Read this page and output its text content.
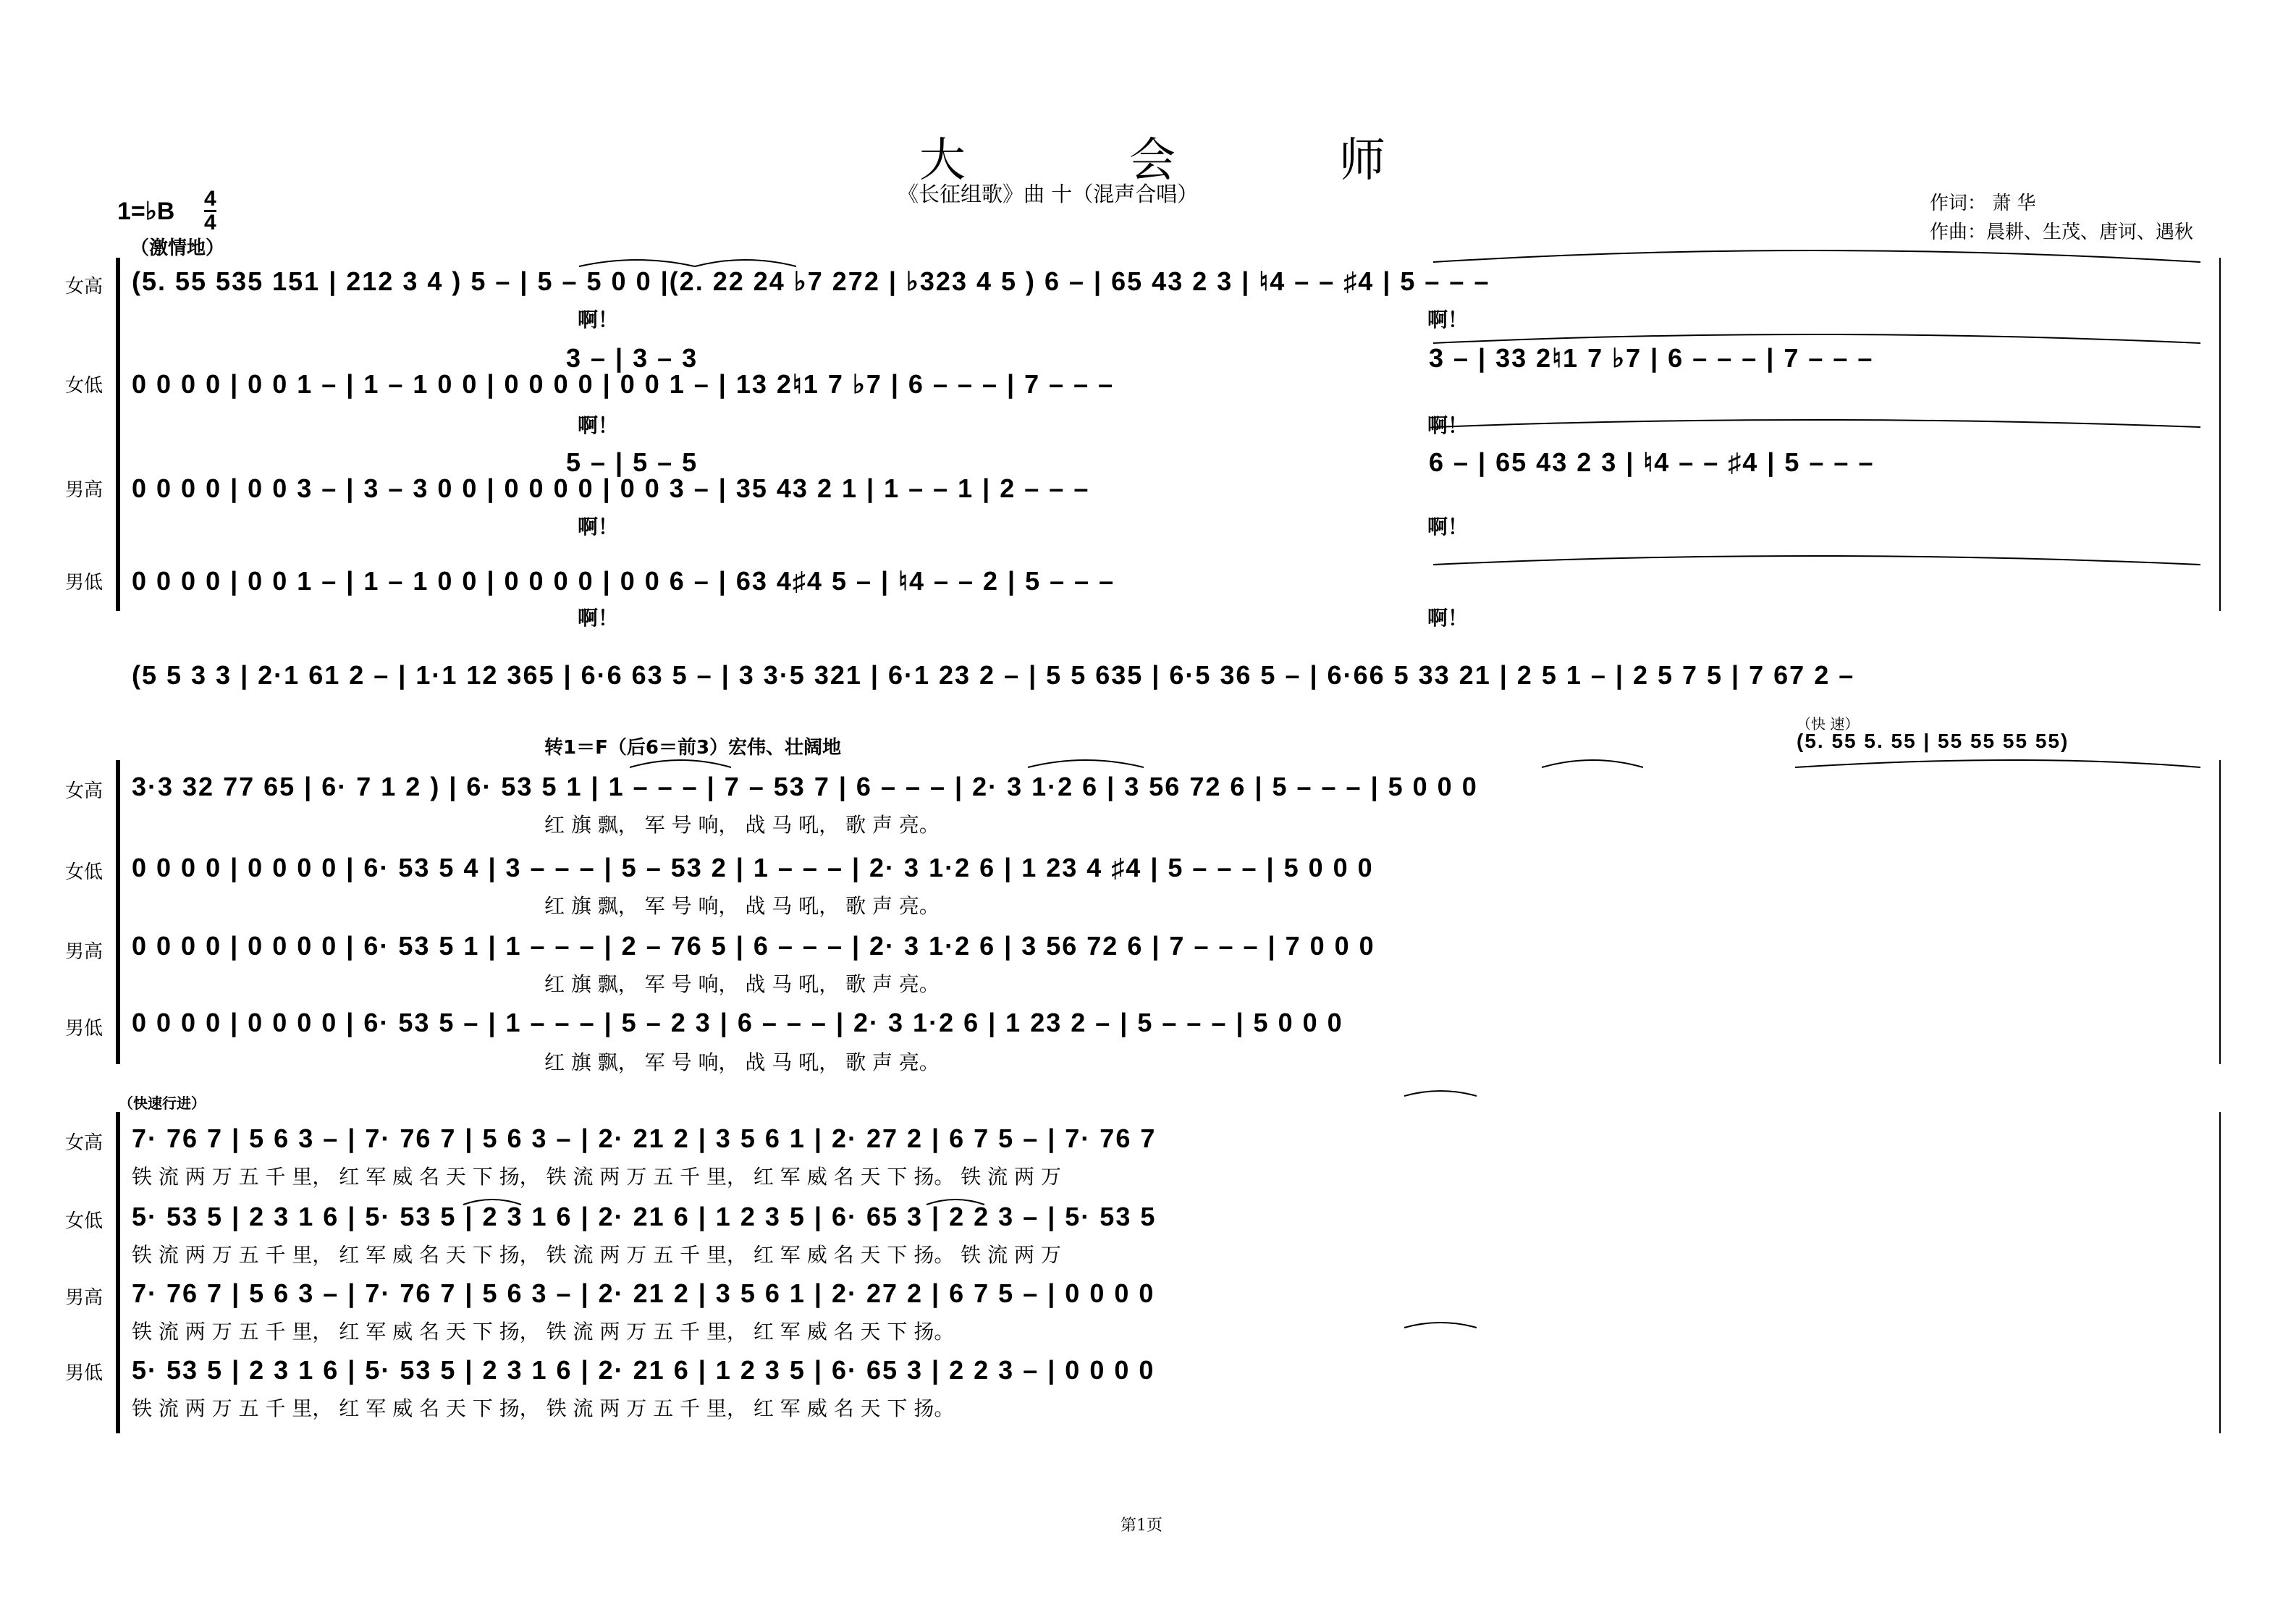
大	会	师
《长征组歌》曲 十（混声合唱）	作词： 萧 华
作曲：晨耕、生茂、唐诃、遇秋
1=♭B 4
4
（激情地）
女高
女低
男高
男低
(5. 55 535 151 | 212 3 4 ) 5 – | 5 – 5 0 0 |(2. 22 24 ♭7 272 | ♭323 4 5 ) 6 – | 65 43 2 3 | ♮4 – – ♯4 | 5 – – –
3 – | 3 – 3	3 – | 33 2♮1 7 ♭7 | 6 – – – | 7 – – –
0 0 0 0 | 0 0 1 – | 1 – 1 0 0 | 0 0 0 0 | 0 0 1 – | 13 2♮1 7 ♭7 | 6 – – – | 7 – – –
5 – | 5 – 5	6 – | 65 43 2 3 | ♮4 – – ♯4 | 5 – – –
0 0 0 0 | 0 0 3 – | 3 – 3 0 0 | 0 0 0 0 | 0 0 3 – | 35 43 2 1 | 1 – – 1 | 2 – – –
0 0 0 0 | 0 0 1 – | 1 – 1 0 0 | 0 0 0 0 | 0 0 6 – | 63 4♯4 5 – | ♮4 – – 2 | 5 – – –
啊！	啊！
啊！	啊！
啊！	啊！
啊！	啊！
(5 5 3 3 | 2·1 61 2 – | 1·1 12 365 | 6·6 63 5 – | 3 3·5 321 | 6·1 23 2 – | 5 5 635 | 6·5 36 5 – | 6·66 5 33 21 | 2 5 1 – | 2 5 7 5 | 7 67 2 –
转1＝F（后6＝前3）宏伟、壮阔地
（快 速）
(5. 55 5. 55 | 55 55 55 55)
女高
女低
男高
男低
3·3 32 77 65 | 6· 7 1 2 ) | 6· 53 5 1 | 1 – – – | 7 – 53 7 | 6 – – – | 2· 3 1·2 6 | 3 56 72 6 | 5 – – – | 5 0 0 0
红 旗 飘， 军 号 响， 战 马 吼， 歌 声 亮。
0 0 0 0 | 0 0 0 0 | 6· 53 5 4 | 3 – – – | 5 – 53 2 | 1 – – – | 2· 3 1·2 6 | 1 23 4 ♯4 | 5 – – – | 5 0 0 0
红 旗 飘， 军 号 响， 战 马 吼， 歌 声 亮。
0 0 0 0 | 0 0 0 0 | 6· 53 5 1 | 1 – – – | 2 – 76 5 | 6 – – – | 2· 3 1·2 6 | 3 56 72 6 | 7 – – – | 7 0 0 0
红 旗 飘， 军 号 响， 战 马 吼， 歌 声 亮。
0 0 0 0 | 0 0 0 0 | 6· 53 5 – | 1 – – – | 5 – 2 3 | 6 – – – | 2· 3 1·2 6 | 1 23 2 – | 5 – – – | 5 0 0 0
红 旗 飘， 军 号 响， 战 马 吼， 歌 声 亮。
（快速行进）
女高
女低
男高
男低
7· 76 7 | 5 6 3 – | 7· 76 7 | 5 6 3 – | 2· 21 2 | 3 5 6 1 | 2· 27 2 | 6 7 5 – | 7· 76 7
铁 流 两 万 五 千 里， 红 军 威 名 天 下 扬， 铁 流 两 万 五 千 里， 红 军 威 名 天 下 扬。 铁 流 两 万
5· 53 5 | 2 3 1 6 | 5· 53 5 | 2 3 1 6 | 2· 21 6 | 1 2 3 5 | 6· 65 3 | 2 2 3 – | 5· 53 5
铁 流 两 万 五 千 里， 红 军 威 名 天 下 扬， 铁 流 两 万 五 千 里， 红 军 威 名 天 下 扬。 铁 流 两 万
7· 76 7 | 5 6 3 – | 7· 76 7 | 5 6 3 – | 2· 21 2 | 3 5 6 1 | 2· 27 2 | 6 7 5 – | 0 0 0 0
铁 流 两 万 五 千 里， 红 军 威 名 天 下 扬， 铁 流 两 万 五 千 里， 红 军 威 名 天 下 扬。
5· 53 5 | 2 3 1 6 | 5· 53 5 | 2 3 1 6 | 2· 21 6 | 1 2 3 5 | 6· 65 3 | 2 2 3 – | 0 0 0 0
铁 流 两 万 五 千 里， 红 军 威 名 天 下 扬， 铁 流 两 万 五 千 里， 红 军 威 名 天 下 扬。
第1页
